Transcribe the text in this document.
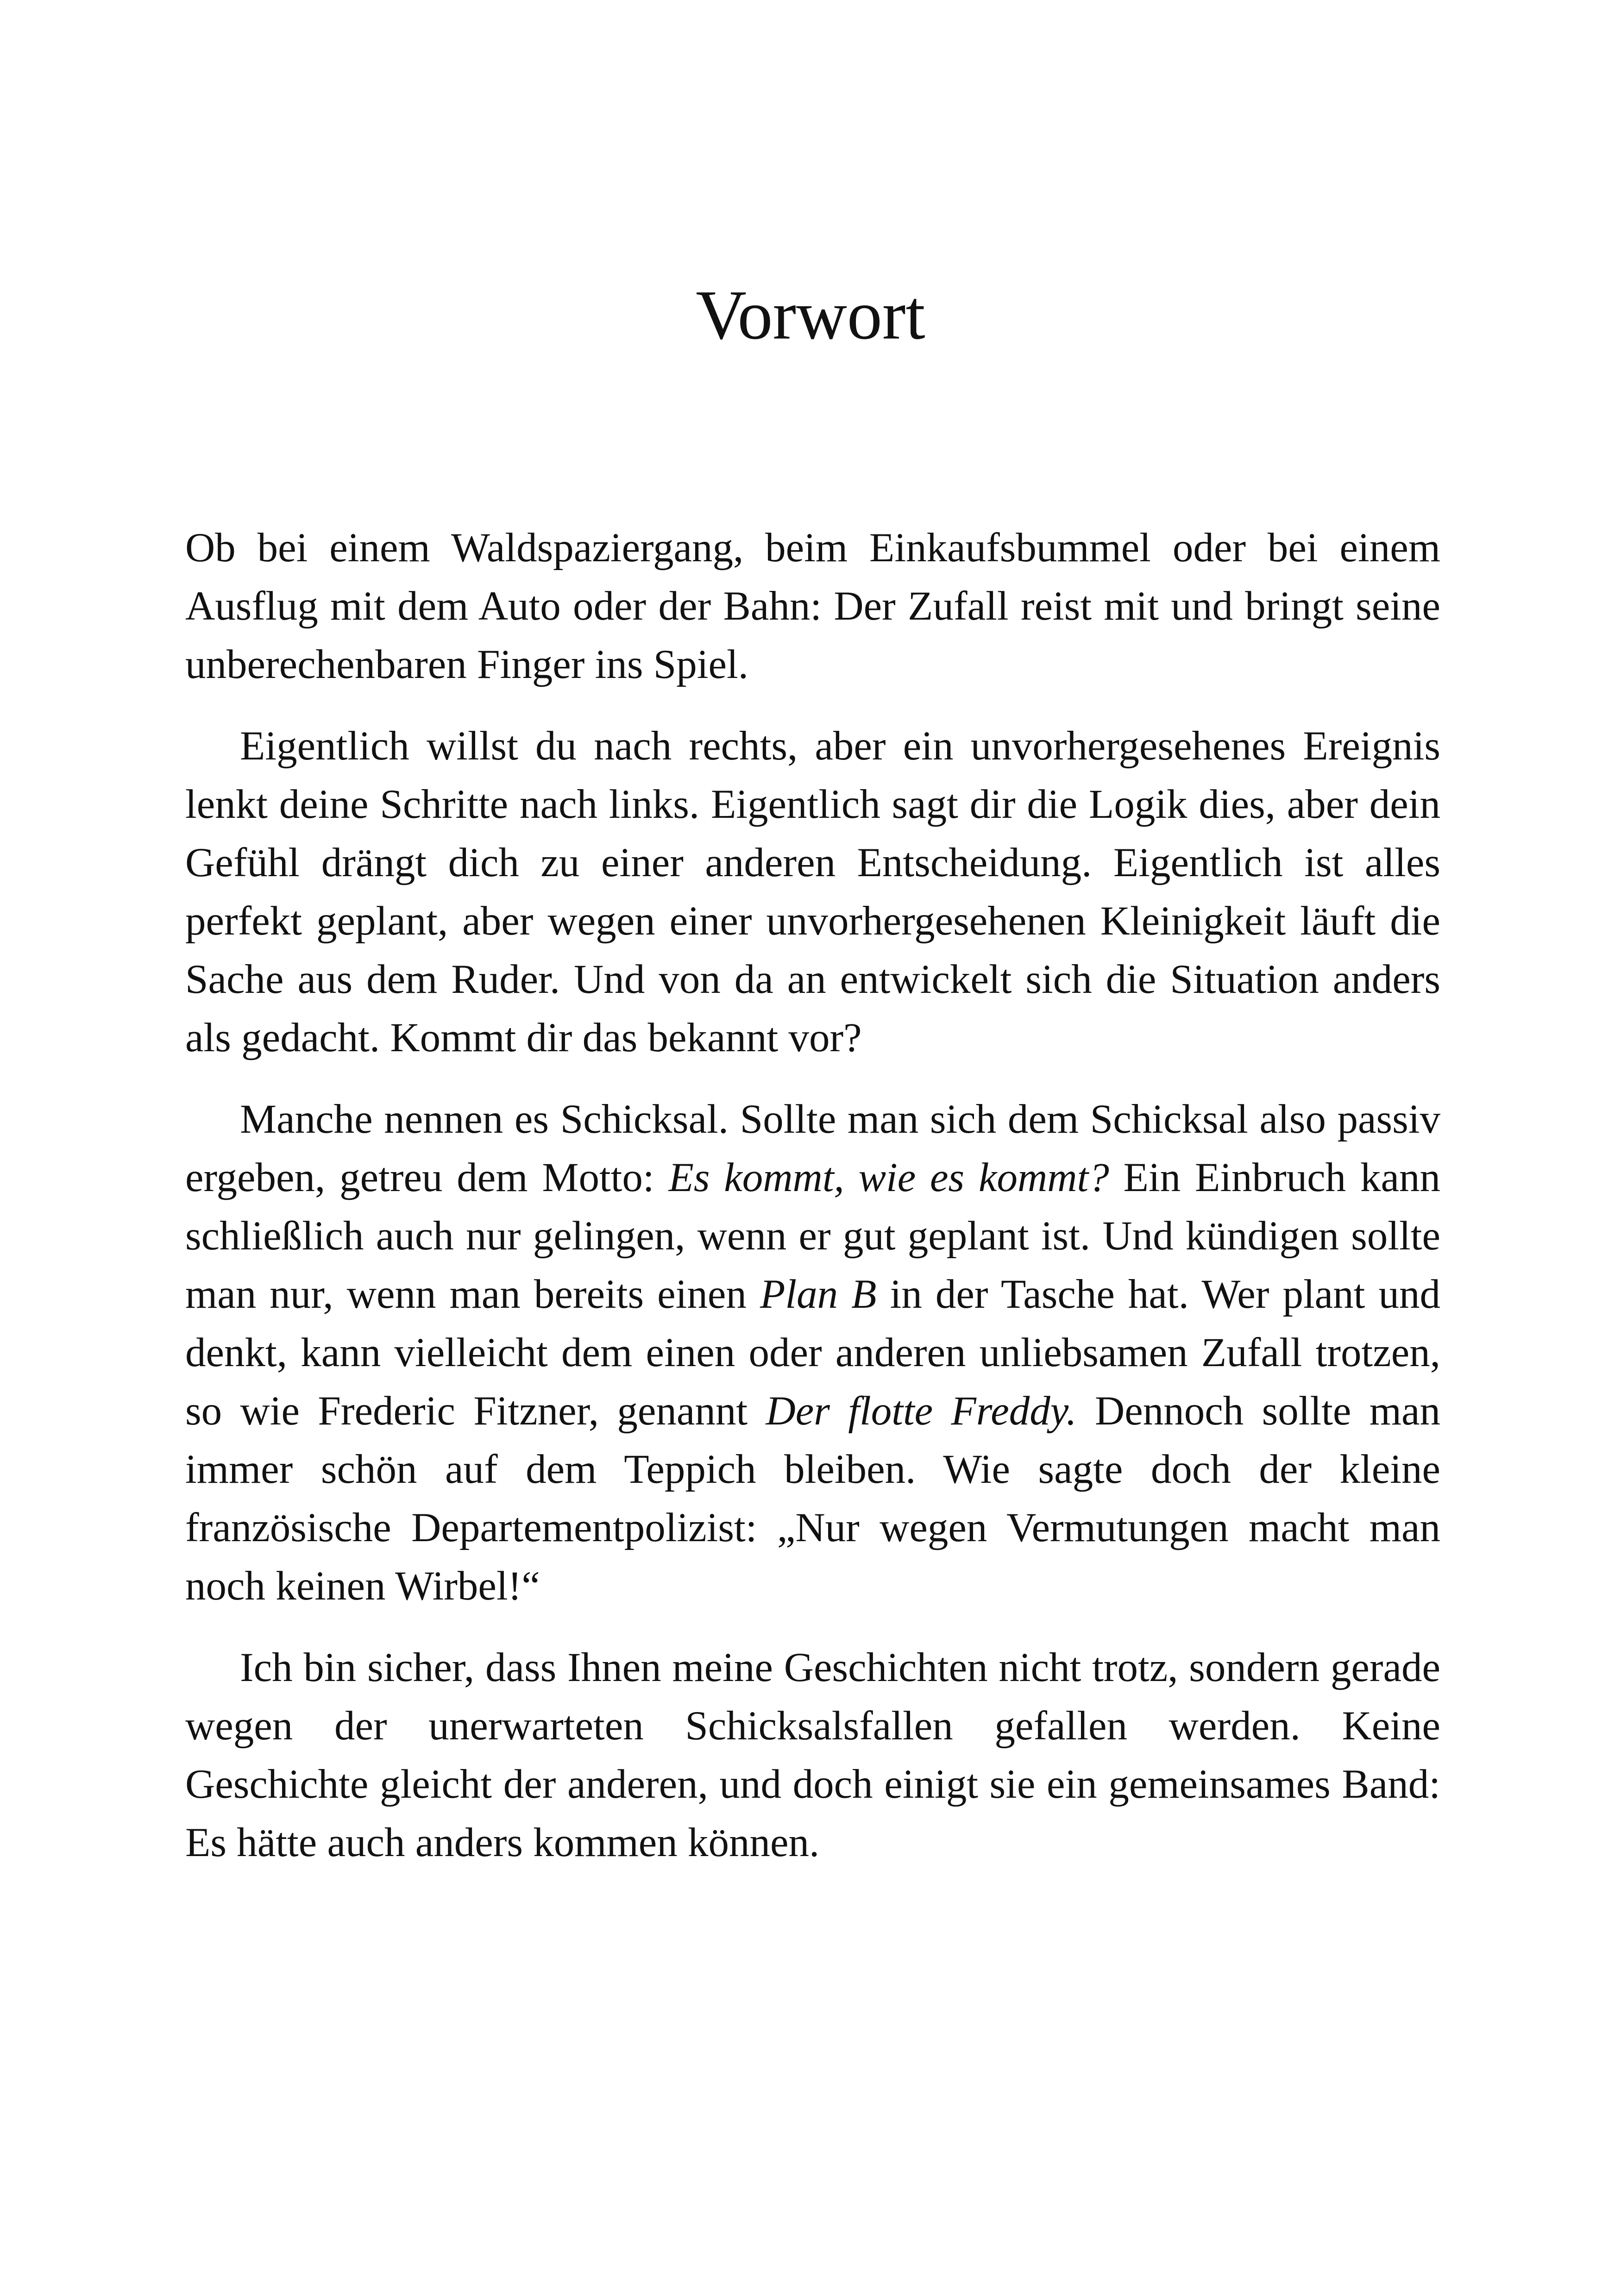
Vorwort

Ob bei einem Waldspaziergang, beim Einkaufsbummel oder bei einem Ausflug mit dem Auto oder der Bahn: Der Zufall reist mit und bringt seine unberechenbaren Finger ins Spiel.

Eigentlich willst du nach rechts, aber ein unvorhergesehenes Ereignis lenkt deine Schritte nach links. Eigentlich sagt dir die Logik dies, aber dein Gefühl drängt dich zu einer anderen Entscheidung. Eigentlich ist alles perfekt geplant, aber wegen einer unvorhergesehenen Kleinigkeit läuft die Sache aus dem Ruder. Und von da an entwickelt sich die Situation anders als gedacht. Kommt dir das bekannt vor?

Manche nennen es Schicksal. Sollte man sich dem Schicksal also passiv ergeben, getreu dem Motto: Es kommt, wie es kommt? Ein Einbruch kann schließlich auch nur gelingen, wenn er gut geplant ist. Und kündigen sollte man nur, wenn man bereits einen Plan B in der Tasche hat. Wer plant und denkt, kann vielleicht dem einen oder anderen unliebsamen Zufall trotzen, so wie Frederic Fitzner, genannt Der flotte Freddy. Dennoch sollte man immer schön auf dem Teppich bleiben. Wie sagte doch der kleine französische Departementpolizist: „Nur wegen Vermutungen macht man noch keinen Wirbel!“

Ich bin sicher, dass Ihnen meine Geschichten nicht trotz, sondern gerade wegen der unerwarteten Schicksalsfallen gefallen werden. Keine Geschichte gleicht der anderen, und doch einigt sie ein gemeinsames Band: Es hätte auch anders kommen können.
